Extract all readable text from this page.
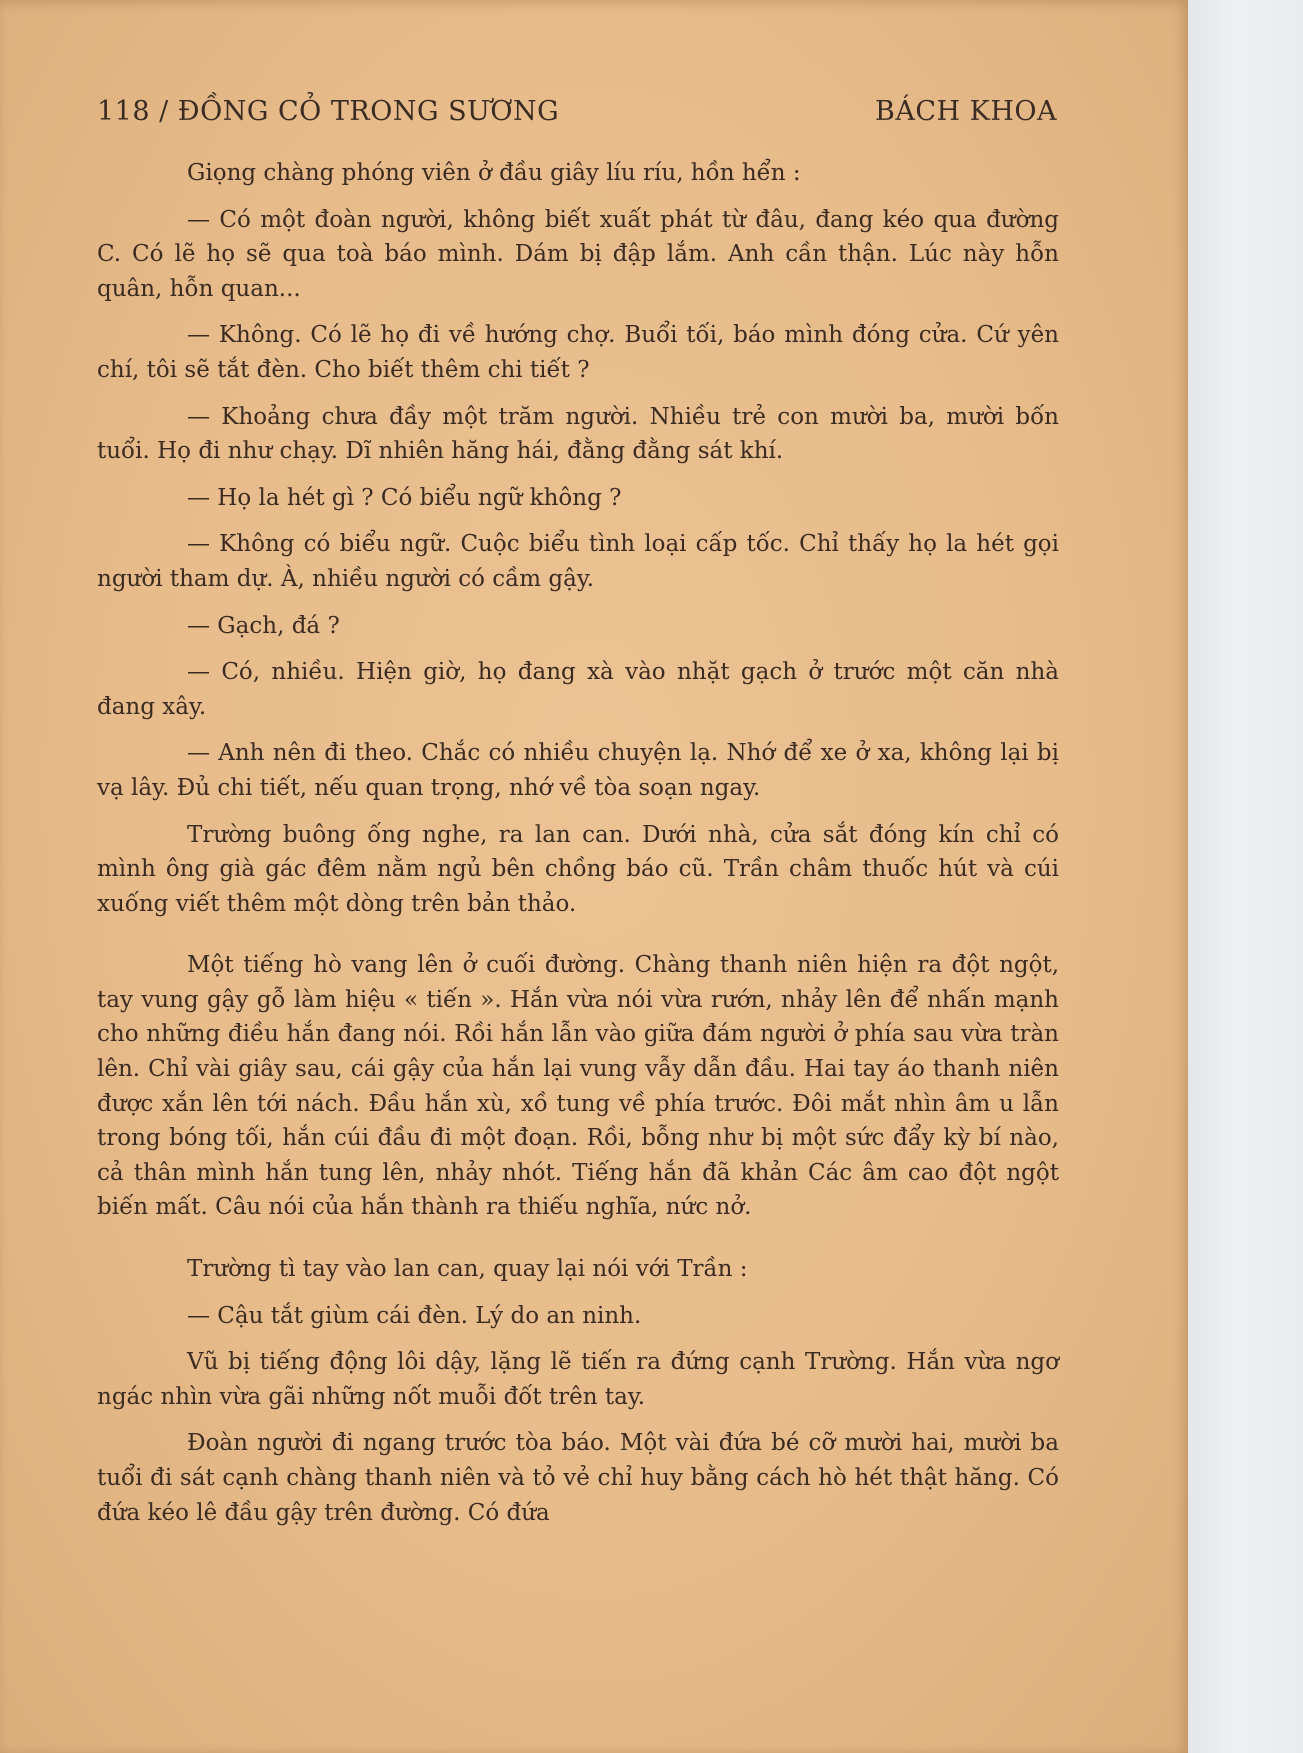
118 / ĐỒNG CỎ TRONG SƯƠNG	BÁCH KHOA

Giọng chàng phóng viên ở đầu giây líu ríu, hồn hển :

— Có một đoàn người, không biết xuất phát từ đâu, đang kéo qua đường C. Có lẽ họ sẽ qua toà báo mình. Dám bị đập lắm. Anh cần thận. Lúc này hỗn quân, hỗn quan...

— Không. Có lẽ họ đi về hướng chợ. Buổi tối, báo mình đóng cửa. Cứ yên chí, tôi sẽ tắt đèn. Cho biết thêm chi tiết ?

— Khoảng chưa đầy một trăm người. Nhiều trẻ con mười ba, mười bốn tuổi. Họ đi như chạy. Dĩ nhiên hăng hái, đằng đằng sát khí.

— Họ la hét gì ? Có biểu ngữ không ?

— Không có biểu ngữ. Cuộc biểu tình loại cấp tốc. Chỉ thấy họ la hét gọi người tham dự. À, nhiều người có cầm gậy.

— Gạch, đá ?

— Có, nhiều. Hiện giờ, họ đang xà vào nhặt gạch ở trước một căn nhà đang xây.

— Anh nên đi theo. Chắc có nhiều chuyện lạ. Nhớ để xe ở xa, không lại bị vạ lây. Đủ chi tiết, nếu quan trọng, nhớ về tòa soạn ngay.

Trường buông ống nghe, ra lan can. Dưới nhà, cửa sắt đóng kín chỉ có mình ông già gác đêm nằm ngủ bên chồng báo cũ. Trần châm thuốc hút và cúi xuống viết thêm một dòng trên bản thảo.

Một tiếng hò vang lên ở cuối đường. Chàng thanh niên hiện ra đột ngột, tay vung gậy gỗ làm hiệu « tiến ». Hắn vừa nói vừa rướn, nhảy lên để nhấn mạnh cho những điều hắn đang nói. Rồi hắn lẫn vào giữa đám người ở phía sau vừa tràn lên. Chỉ vài giây sau, cái gậy của hắn lại vung vẫy dẫn đầu. Hai tay áo thanh niên được xắn lên tới nách. Đầu hắn xù, xồ tung về phía trước. Đôi mắt nhìn âm u lẫn trong bóng tối, hắn cúi đầu đi một đoạn. Rồi, bỗng như bị một sức đẩy kỳ bí nào, cả thân mình hắn tung lên, nhảy nhót. Tiếng hắn đã khản Các âm cao đột ngột biến mất. Câu nói của hắn thành ra thiếu nghĩa, nức nở.

Trường tì tay vào lan can, quay lại nói với Trần :

— Cậu tắt giùm cái đèn. Lý do an ninh.

Vũ bị tiếng động lôi dậy, lặng lẽ tiến ra đứng cạnh Trường. Hắn vừa ngơ ngác nhìn vừa gãi những nốt muỗi đốt trên tay.

Đoàn người đi ngang trước tòa báo. Một vài đứa bé cỡ mười hai, mười ba tuổi đi sát cạnh chàng thanh niên và tỏ vẻ chỉ huy bằng cách hò hét thật hăng. Có đứa kéo lê đầu gậy trên đường. Có đứa
